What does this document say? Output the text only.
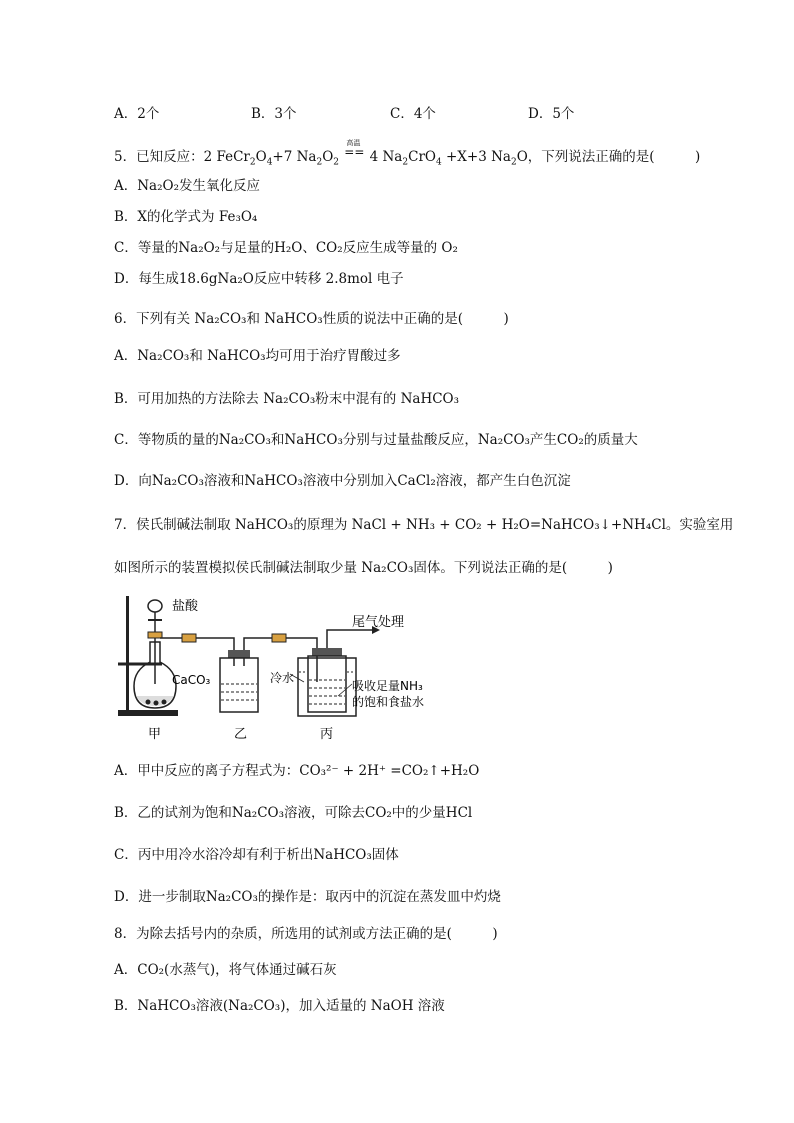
A．2个	B．3个	C．4个	D．5个
5．已知反应：2 $FeCr_2O_4+7$ $Na_2O_2$
高温
== 4 $Na_2CrO_4 +X+3$ $Na_2O$，下列说法正确的是(　　　)
A．Na₂O₂发生氧化反应
B．X的化学式为 Fe₃O₄
C．等量的Na₂O₂与足量的H₂O、CO₂反应生成等量的 O₂
D．每生成18.6gNa₂O反应中转移 2.8mol 电子
6．下列有关 Na₂CO₃和 NaHCO₃性质的说法中正确的是(　　　)
A．Na₂CO₃和 NaHCO₃均可用于治疗胃酸过多
B．可用加热的方法除去 Na₂CO₃粉末中混有的 NaHCO₃
C．等物质的量的Na₂CO₃和NaHCO₃分别与过量盐酸反应，Na₂CO₃产生CO₂的质量大
D．向Na₂CO₃溶液和NaHCO₃溶液中分别加入CaCl₂溶液，都产生白色沉淀
7．侯氏制碱法制取 NaHCO₃的原理为 NaCl + NH₃ + CO₂ + H₂O=NaHCO₃↓+NH₄Cl。实验室用
如图所示的装置模拟侯氏制碱法制取少量 Na₂CO₃固体。下列说法正确的是(　　　)
盐酸
尾气处理
CaCO₃	冷水
吸收足量NH₃
的饱和食盐水
甲	乙	丙
A．甲中反应的离子方程式为：CO₃²⁻ + 2H⁺ =CO₂↑+H₂O
B．乙的试剂为饱和Na₂CO₃溶液，可除去CO₂中的少量HCl
C．丙中用冷水浴冷却有利于析出NaHCO₃固体
D．进一步制取Na₂CO₃的操作是：取丙中的沉淀在蒸发皿中灼烧
8．为除去括号内的杂质，所选用的试剂或方法正确的是(　　　)
A．CO₂(水蒸气)，将气体通过碱石灰
B．NaHCO₃溶液(Na₂CO₃)，加入适量的 NaOH 溶液
